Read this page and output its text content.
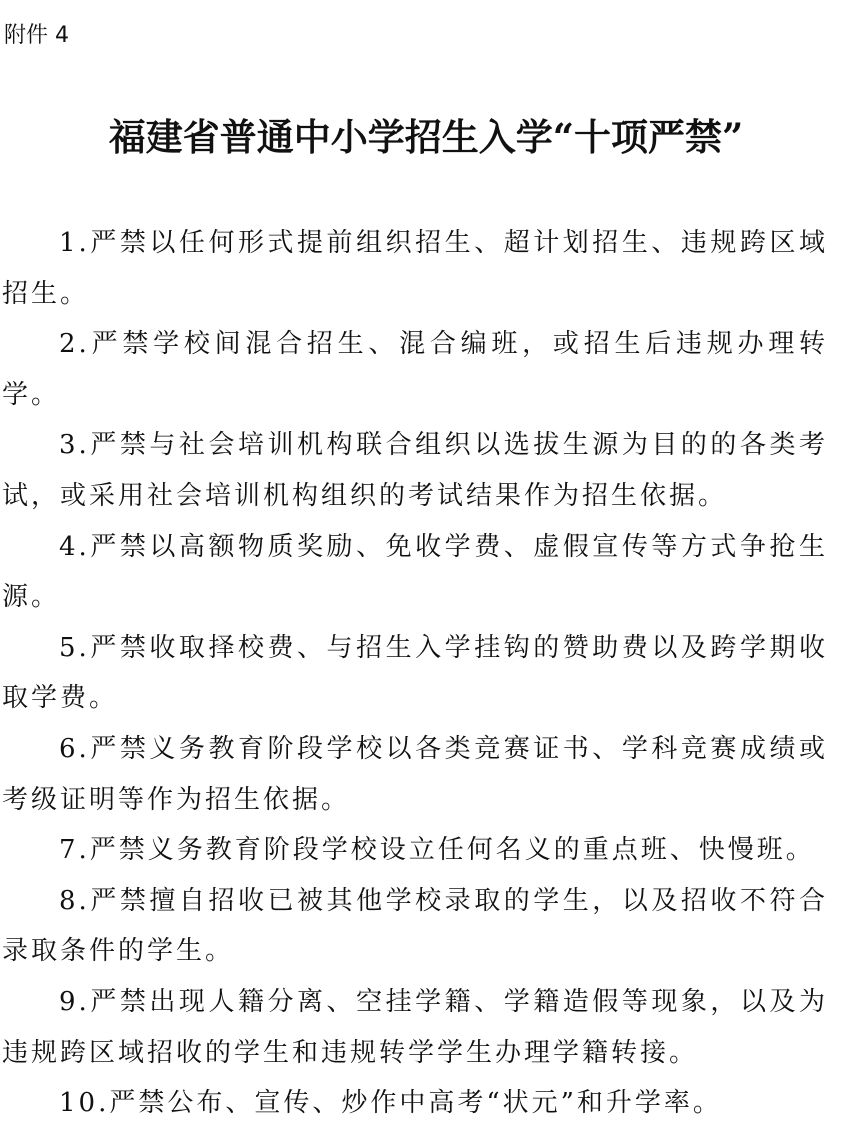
附件 4
福建省普通中小学招生入学“十项严禁”

1.严禁以任何形式提前组织招生、超计划招生、违规跨区域招生。

2.严禁学校间混合招生、混合编班，或招生后违规办理转学。

3.严禁与社会培训机构联合组织以选拔生源为目的的各类考试，或采用社会培训机构组织的考试结果作为招生依据。

4.严禁以高额物质奖励、免收学费、虚假宣传等方式争抢生源。

5.严禁收取择校费、与招生入学挂钩的赞助费以及跨学期收取学费。

6.严禁义务教育阶段学校以各类竞赛证书、学科竞赛成绩或考级证明等作为招生依据。

7.严禁义务教育阶段学校设立任何名义的重点班、快慢班。

8.严禁擅自招收已被其他学校录取的学生，以及招收不符合录取条件的学生。

9.严禁出现人籍分离、空挂学籍、学籍造假等现象，以及为违规跨区域招收的学生和违规转学学生办理学籍转接。

10.严禁公布、宣传、炒作中高考“状元”和升学率。
